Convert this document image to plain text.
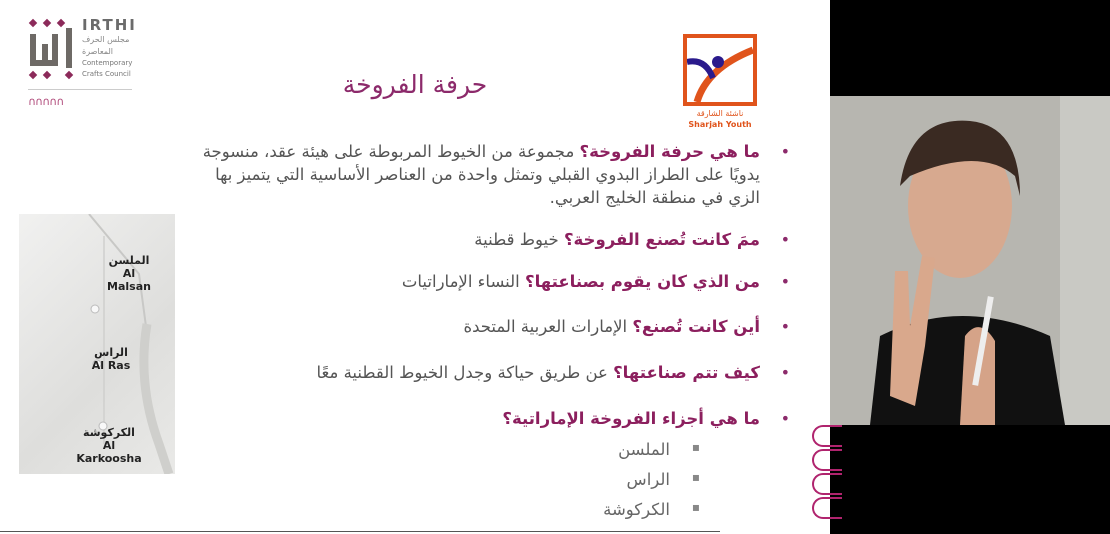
IRTHI
مجلس الحرف المعاصرة
Contemporary
Crafts Council
∩∩∩∩∩
حرفة الفروخة
ناشئة الشارقة
Sharjah Youth
• ما هي حرفة الفروخة؟ مجموعة من الخيوط المربوطة على هيئة عقد، منسوجة يدويًا على الطراز البدوي القبلي وتمثل واحدة من العناصر الأساسية التي يتميز بها الزي في منطقة الخليج العربي.
• ممَ كانت تُصنع الفروخة؟ خيوط قطنية
• من الذي كان يقوم بصناعتها؟ النساء الإماراتيات
• أين كانت تُصنع؟ الإمارات العربية المتحدة
• كيف تتم صناعتها؟ عن طريق حياكة وجدل الخيوط القطنية معًا
• ما هي أجزاء الفروخة الإماراتية؟
▪ الملسن
▪ الراس
▪ الكركوشة
الملسن
Al Malsan
الراس
Al Ras
الكركوشة
Al Karkoosha
